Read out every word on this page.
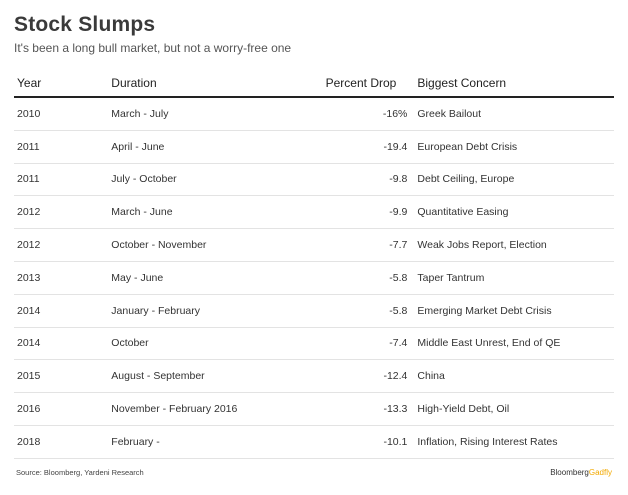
Stock Slumps
It's been a long bull market, but not a worry-free one
Year	Duration	Percent Drop	Biggest Concern
2010	March - July	-16%	Greek Bailout
2011	April - June	-19.4	European Debt Crisis
2011	July - October	-9.8	Debt Ceiling, Europe
2012	March - June	-9.9	Quantitative Easing
2012	October - November	-7.7	Weak Jobs Report, Election
2013	May - June	-5.8	Taper Tantrum
2014	January - February	-5.8	Emerging Market Debt Crisis
2014	October	-7.4	Middle East Unrest, End of QE
2015	August - September	-12.4	China
2016	November - February 2016	-13.3	High-Yield Debt, Oil
2018	February -	-10.1	Inflation, Rising Interest Rates
Source: Bloomberg, Yardeni Research	BloombergGadfly
